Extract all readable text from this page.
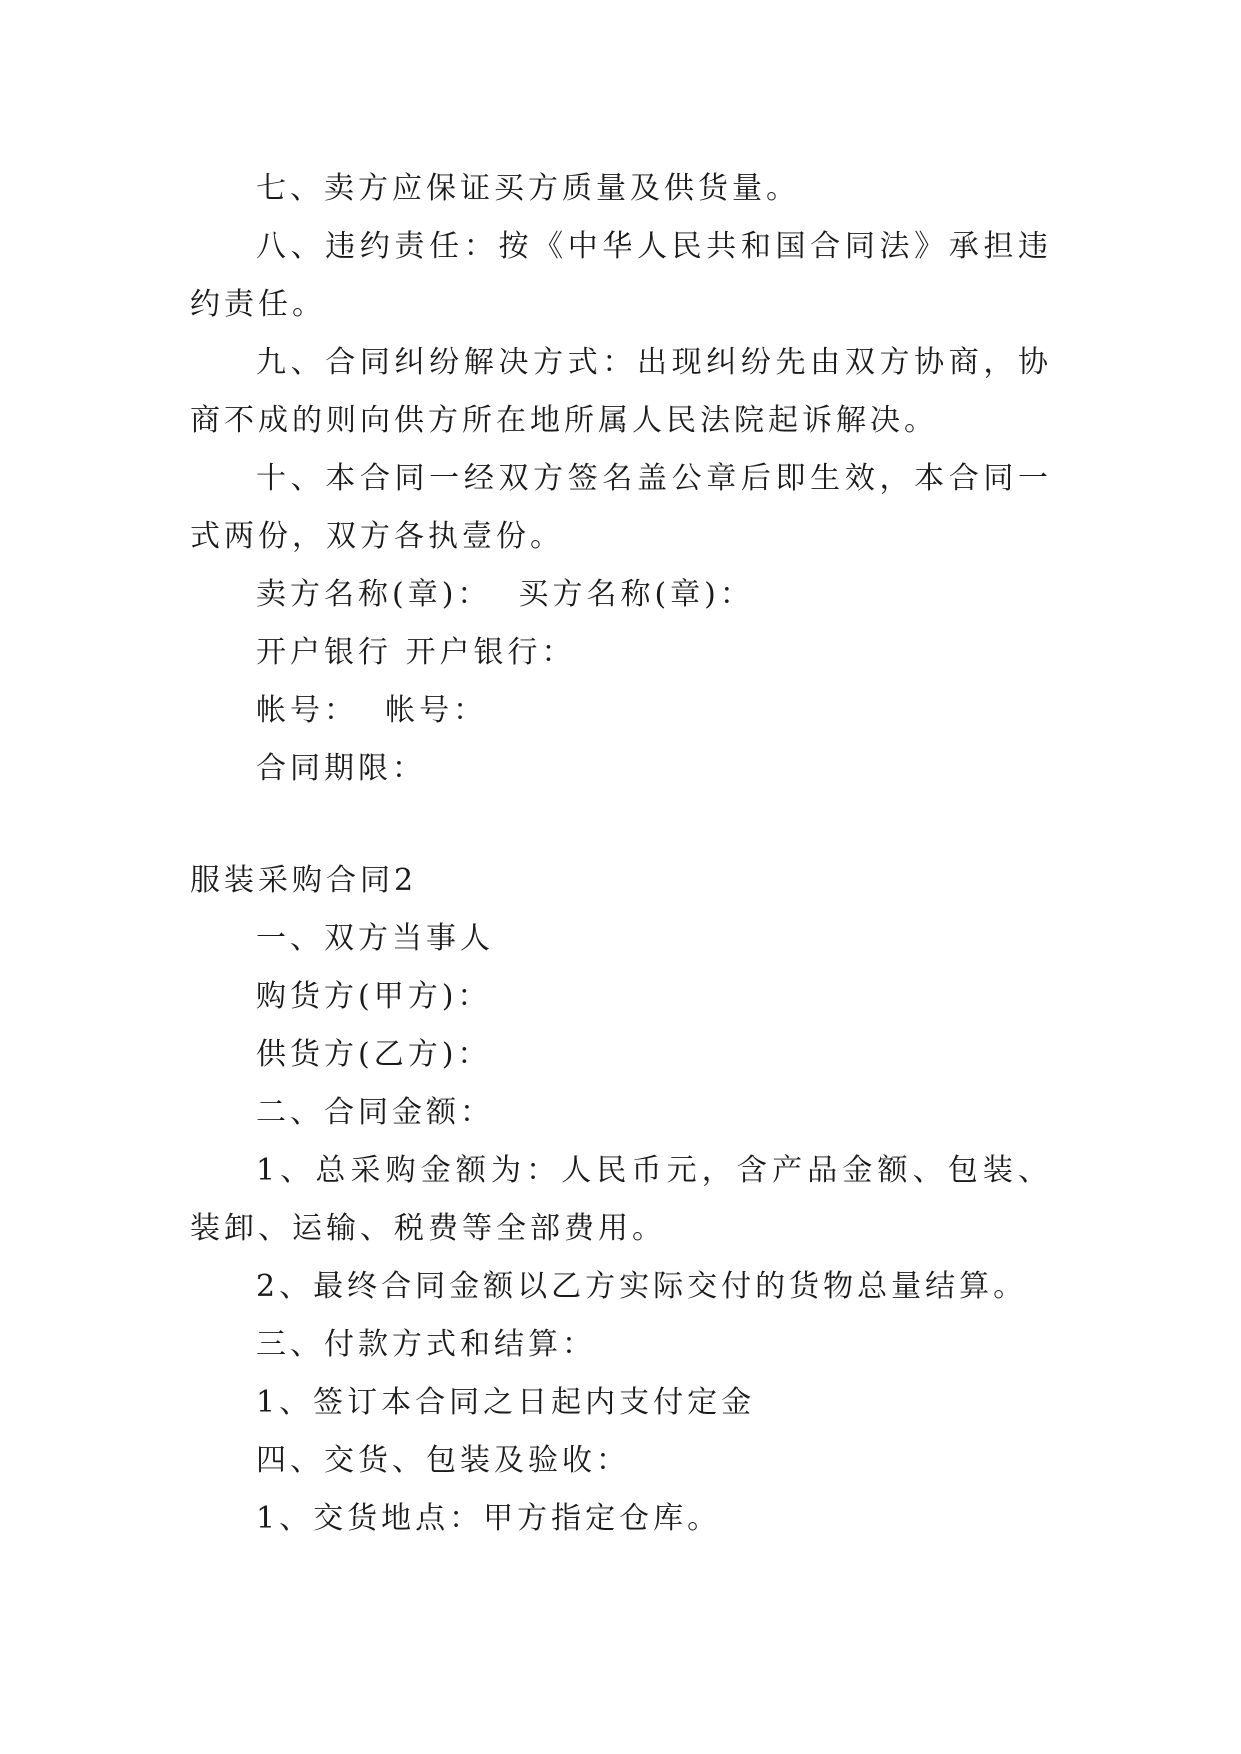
七、卖方应保证买方质量及供货量。

八、违约责任：按《中华人民共和国合同法》承担违约责任。

九、合同纠纷解决方式：出现纠纷先由双方协商，协商不成的则向供方所在地所属人民法院起诉解决。

十、本合同一经双方签名盖公章后即生效，本合同一式两份，双方各执壹份。

卖方名称(章)：  买方名称(章)：

开户银行 开户银行：

帐号：  帐号：

合同期限：

服装采购合同2

一、双方当事人

购货方(甲方)：

供货方(乙方)：

二、合同金额：

1、总采购金额为：人民币元，含产品金额、包装、装卸、运输、税费等全部费用。

2、最终合同金额以乙方实际交付的货物总量结算。

三、付款方式和结算：

1、签订本合同之日起内支付定金

四、交货、包装及验收：

1、交货地点：甲方指定仓库。
